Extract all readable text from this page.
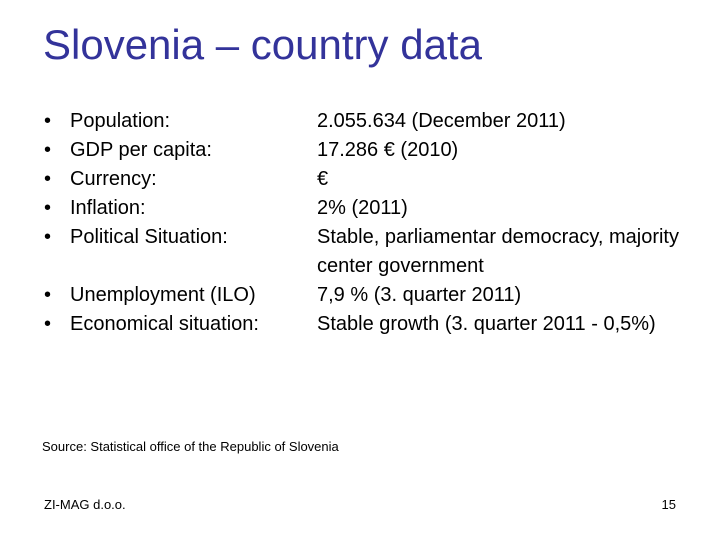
Slovenia – country data
• Population:	2.055.634 (December 2011)
• GDP per capita:	17.286 € (2010)
• Currency:	€
• Inflation:	2% (2011)
• Political Situation:	Stable, parliamentar democracy, majority center government
• Unemployment (ILO)	7,9 % (3. quarter 2011)
• Economical situation:	Stable growth (3. quarter 2011 - 0,5%)
Source: Statistical office of the Republic of Slovenia
ZI-MAG d.o.o.	15
